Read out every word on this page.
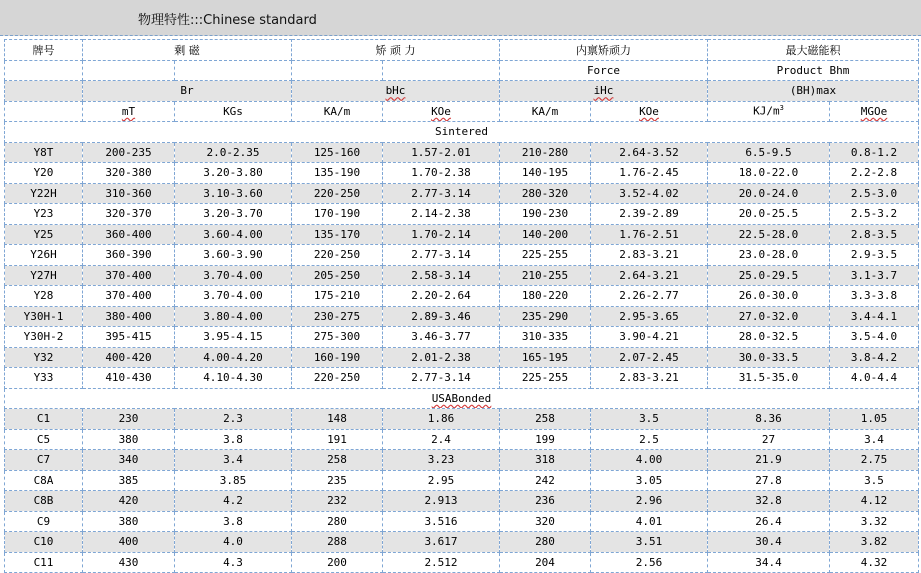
物理特性:::Chinese standard
牌号	剩 磁		矫 顽 力		内禀矫顽力		最大磁能积	
					Force		Product Bhm	
	Br		bHc		iHc		(BH)max	
	mT	KGs	KA/m	KOe	KA/m	KOe	$KJ/m^3$	MGOe
Sintered								
Y8T	200-235	2.0-2.35	125-160	1.57-2.01	210-280	2.64-3.52	6.5-9.5	0.8-1.2
Y20	320-380	3.20-3.80	135-190	1.70-2.38	140-195	1.76-2.45	18.0-22.0	2.2-2.8
Y22H	310-360	3.10-3.60	220-250	2.77-3.14	280-320	3.52-4.02	20.0-24.0	2.5-3.0
Y23	320-370	3.20-3.70	170-190	2.14-2.38	190-230	2.39-2.89	20.0-25.5	2.5-3.2
Y25	360-400	3.60-4.00	135-170	1.70-2.14	140-200	1.76-2.51	22.5-28.0	2.8-3.5
Y26H	360-390	3.60-3.90	220-250	2.77-3.14	225-255	2.83-3.21	23.0-28.0	2.9-3.5
Y27H	370-400	3.70-4.00	205-250	2.58-3.14	210-255	2.64-3.21	25.0-29.5	3.1-3.7
Y28	370-400	3.70-4.00	175-210	2.20-2.64	180-220	2.26-2.77	26.0-30.0	3.3-3.8
Y30H-1	380-400	3.80-4.00	230-275	2.89-3.46	235-290	2.95-3.65	27.0-32.0	3.4-4.1
Y30H-2	395-415	3.95-4.15	275-300	3.46-3.77	310-335	3.90-4.21	28.0-32.5	3.5-4.0
Y32	400-420	4.00-4.20	160-190	2.01-2.38	165-195	2.07-2.45	30.0-33.5	3.8-4.2
Y33	410-430	4.10-4.30	220-250	2.77-3.14	225-255	2.83-3.21	31.5-35.0	4.0-4.4
USABonded								
C1	230	2.3	148	1.86	258	3.5	8.36	1.05
C5	380	3.8	191	2.4	199	2.5	27	3.4
C7	340	3.4	258	3.23	318	4.00	21.9	2.75
C8A	385	3.85	235	2.95	242	3.05	27.8	3.5
C8B	420	4.2	232	2.913	236	2.96	32.8	4.12
C9	380	3.8	280	3.516	320	4.01	26.4	3.32
C10	400	4.0	288	3.617	280	3.51	30.4	3.82
C11	430	4.3	200	2.512	204	2.56	34.4	4.32
